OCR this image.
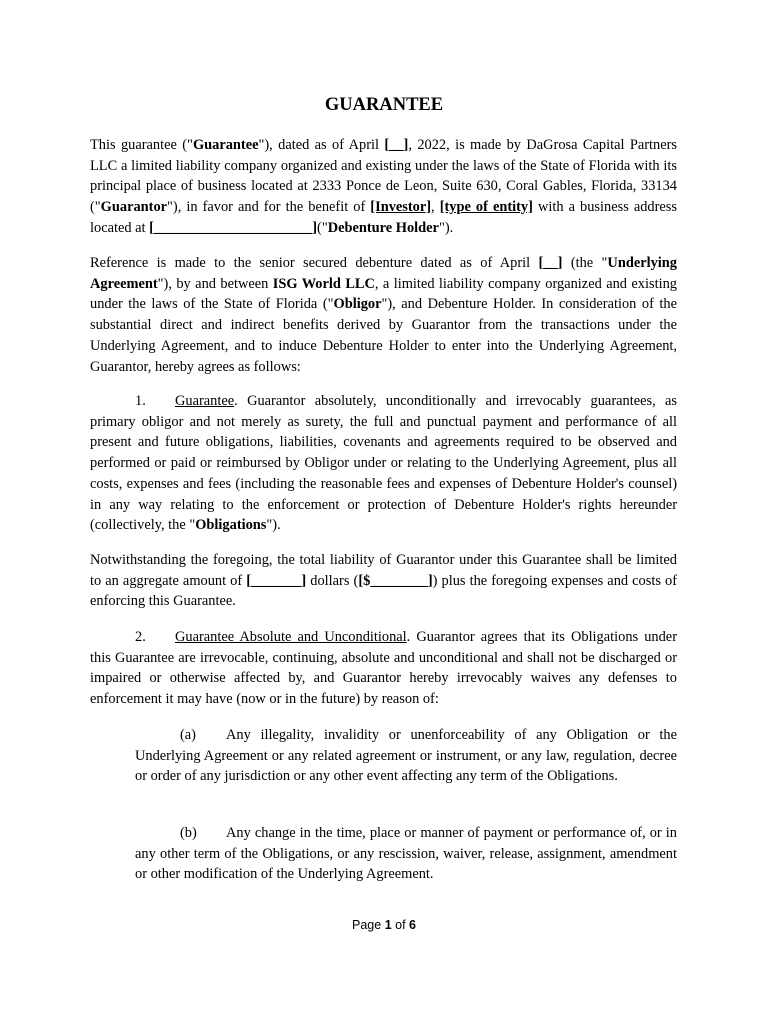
GUARANTEE
This guarantee ("Guarantee"), dated as of April [__], 2022, is made by DaGrosa Capital Partners LLC a limited liability company organized and existing under the laws of the State of Florida with its principal place of business located at 2333 Ponce de Leon, Suite 630, Coral Gables, Florida, 33134 ("Guarantor"), in favor and for the benefit of [Investor], [type of entity] with a business address located at [______________________]("Debenture Holder").
Reference is made to the senior secured debenture dated as of April [__] (the "Underlying Agreement"), by and between ISG World LLC, a limited liability company organized and existing under the laws of the State of Florida ("Obligor"), and Debenture Holder. In consideration of the substantial direct and indirect benefits derived by Guarantor from the transactions under the Underlying Agreement, and to induce Debenture Holder to enter into the Underlying Agreement, Guarantor, hereby agrees as follows:
1. Guarantee. Guarantor absolutely, unconditionally and irrevocably guarantees, as primary obligor and not merely as surety, the full and punctual payment and performance of all present and future obligations, liabilities, covenants and agreements required to be observed and performed or paid or reimbursed by Obligor under or relating to the Underlying Agreement, plus all costs, expenses and fees (including the reasonable fees and expenses of Debenture Holder's counsel) in any way relating to the enforcement or protection of Debenture Holder's rights hereunder (collectively, the "Obligations").
Notwithstanding the foregoing, the total liability of Guarantor under this Guarantee shall be limited to an aggregate amount of [_______] dollars ([$________]) plus the foregoing expenses and costs of enforcing this Guarantee.
2. Guarantee Absolute and Unconditional. Guarantor agrees that its Obligations under this Guarantee are irrevocable, continuing, absolute and unconditional and shall not be discharged or impaired or otherwise affected by, and Guarantor hereby irrevocably waives any defenses to enforcement it may have (now or in the future) by reason of:
(a) Any illegality, invalidity or unenforceability of any Obligation or the Underlying Agreement or any related agreement or instrument, or any law, regulation, decree or order of any jurisdiction or any other event affecting any term of the Obligations.
(b) Any change in the time, place or manner of payment or performance of, or in any other term of the Obligations, or any rescission, waiver, release, assignment, amendment or other modification of the Underlying Agreement.
Page 1 of 6
